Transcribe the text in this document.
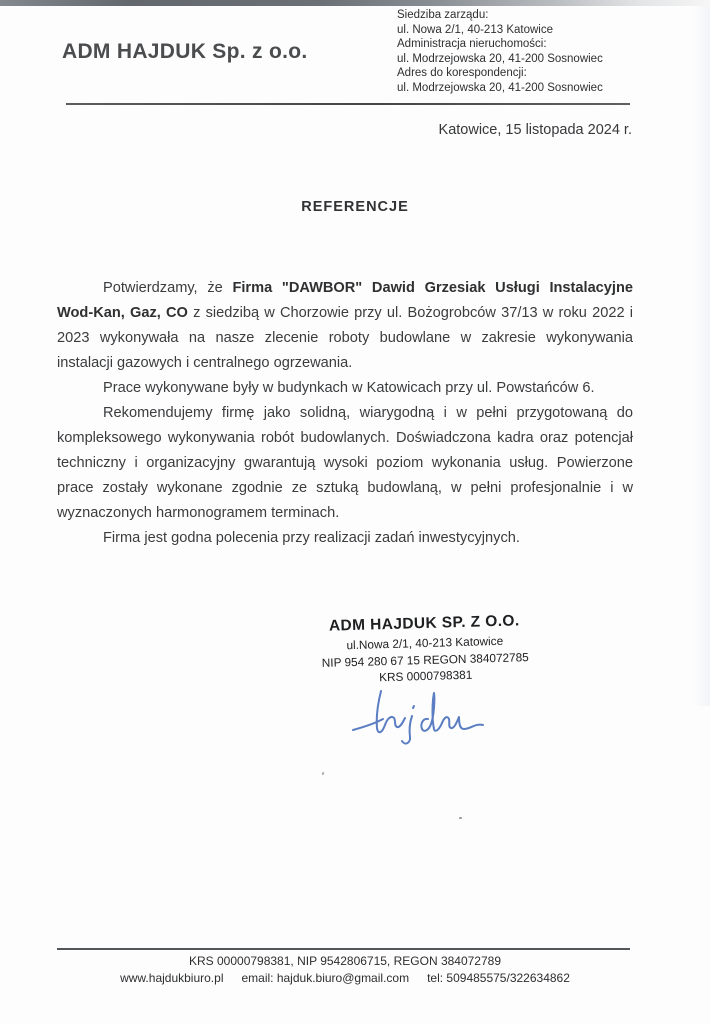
ADM HAJDUK Sp. z o.o.
Siedziba zarządu:
ul. Nowa 2/1, 40-213 Katowice
Administracja nieruchomości:
ul. Modrzejowska 20, 41-200 Sosnowiec
Adres do korespondencji:
ul. Modrzejowska 20, 41-200 Sosnowiec
Katowice, 15 listopada 2024 r.
REFERENCJE

Potwierdzamy, że Firma "DAWBOR" Dawid Grzesiak Usługi Instalacyjne Wod-Kan, Gaz, CO z siedzibą w Chorzowie przy ul. Bożogrobców 37/13 w roku 2022 i 2023 wykonywała na nasze zlecenie roboty budowlane w zakresie wykonywania instalacji gazowych i centralnego ogrzewania.

Prace wykonywane były w budynkach w Katowicach przy ul. Powstańców 6.

Rekomendujemy firmę jako solidną, wiarygodną i w pełni przygotowaną do kompleksowego wykonywania robót budowlanych. Doświadczona kadra oraz potencjał techniczny i organizacyjny gwarantują wysoki poziom wykonania usług. Powierzone prace zostały wykonane zgodnie ze sztuką budowlaną, w pełni profesjonalnie i w wyznaczonych harmonogramem terminach.

Firma jest godna polecenia przy realizacji zadań inwestycyjnych.

ADM HAJDUK SP. Z O.O.
ul.Nowa 2/1, 40-213 Katowice
NIP 954 280 67 15 REGON 384072785
KRS 0000798381
KRS 00000798381, NIP 9542806715, REGON 384072789
www.hajdukbiuro.pl email: hajduk.biuro@gmail.com tel: 509485575/322634862
